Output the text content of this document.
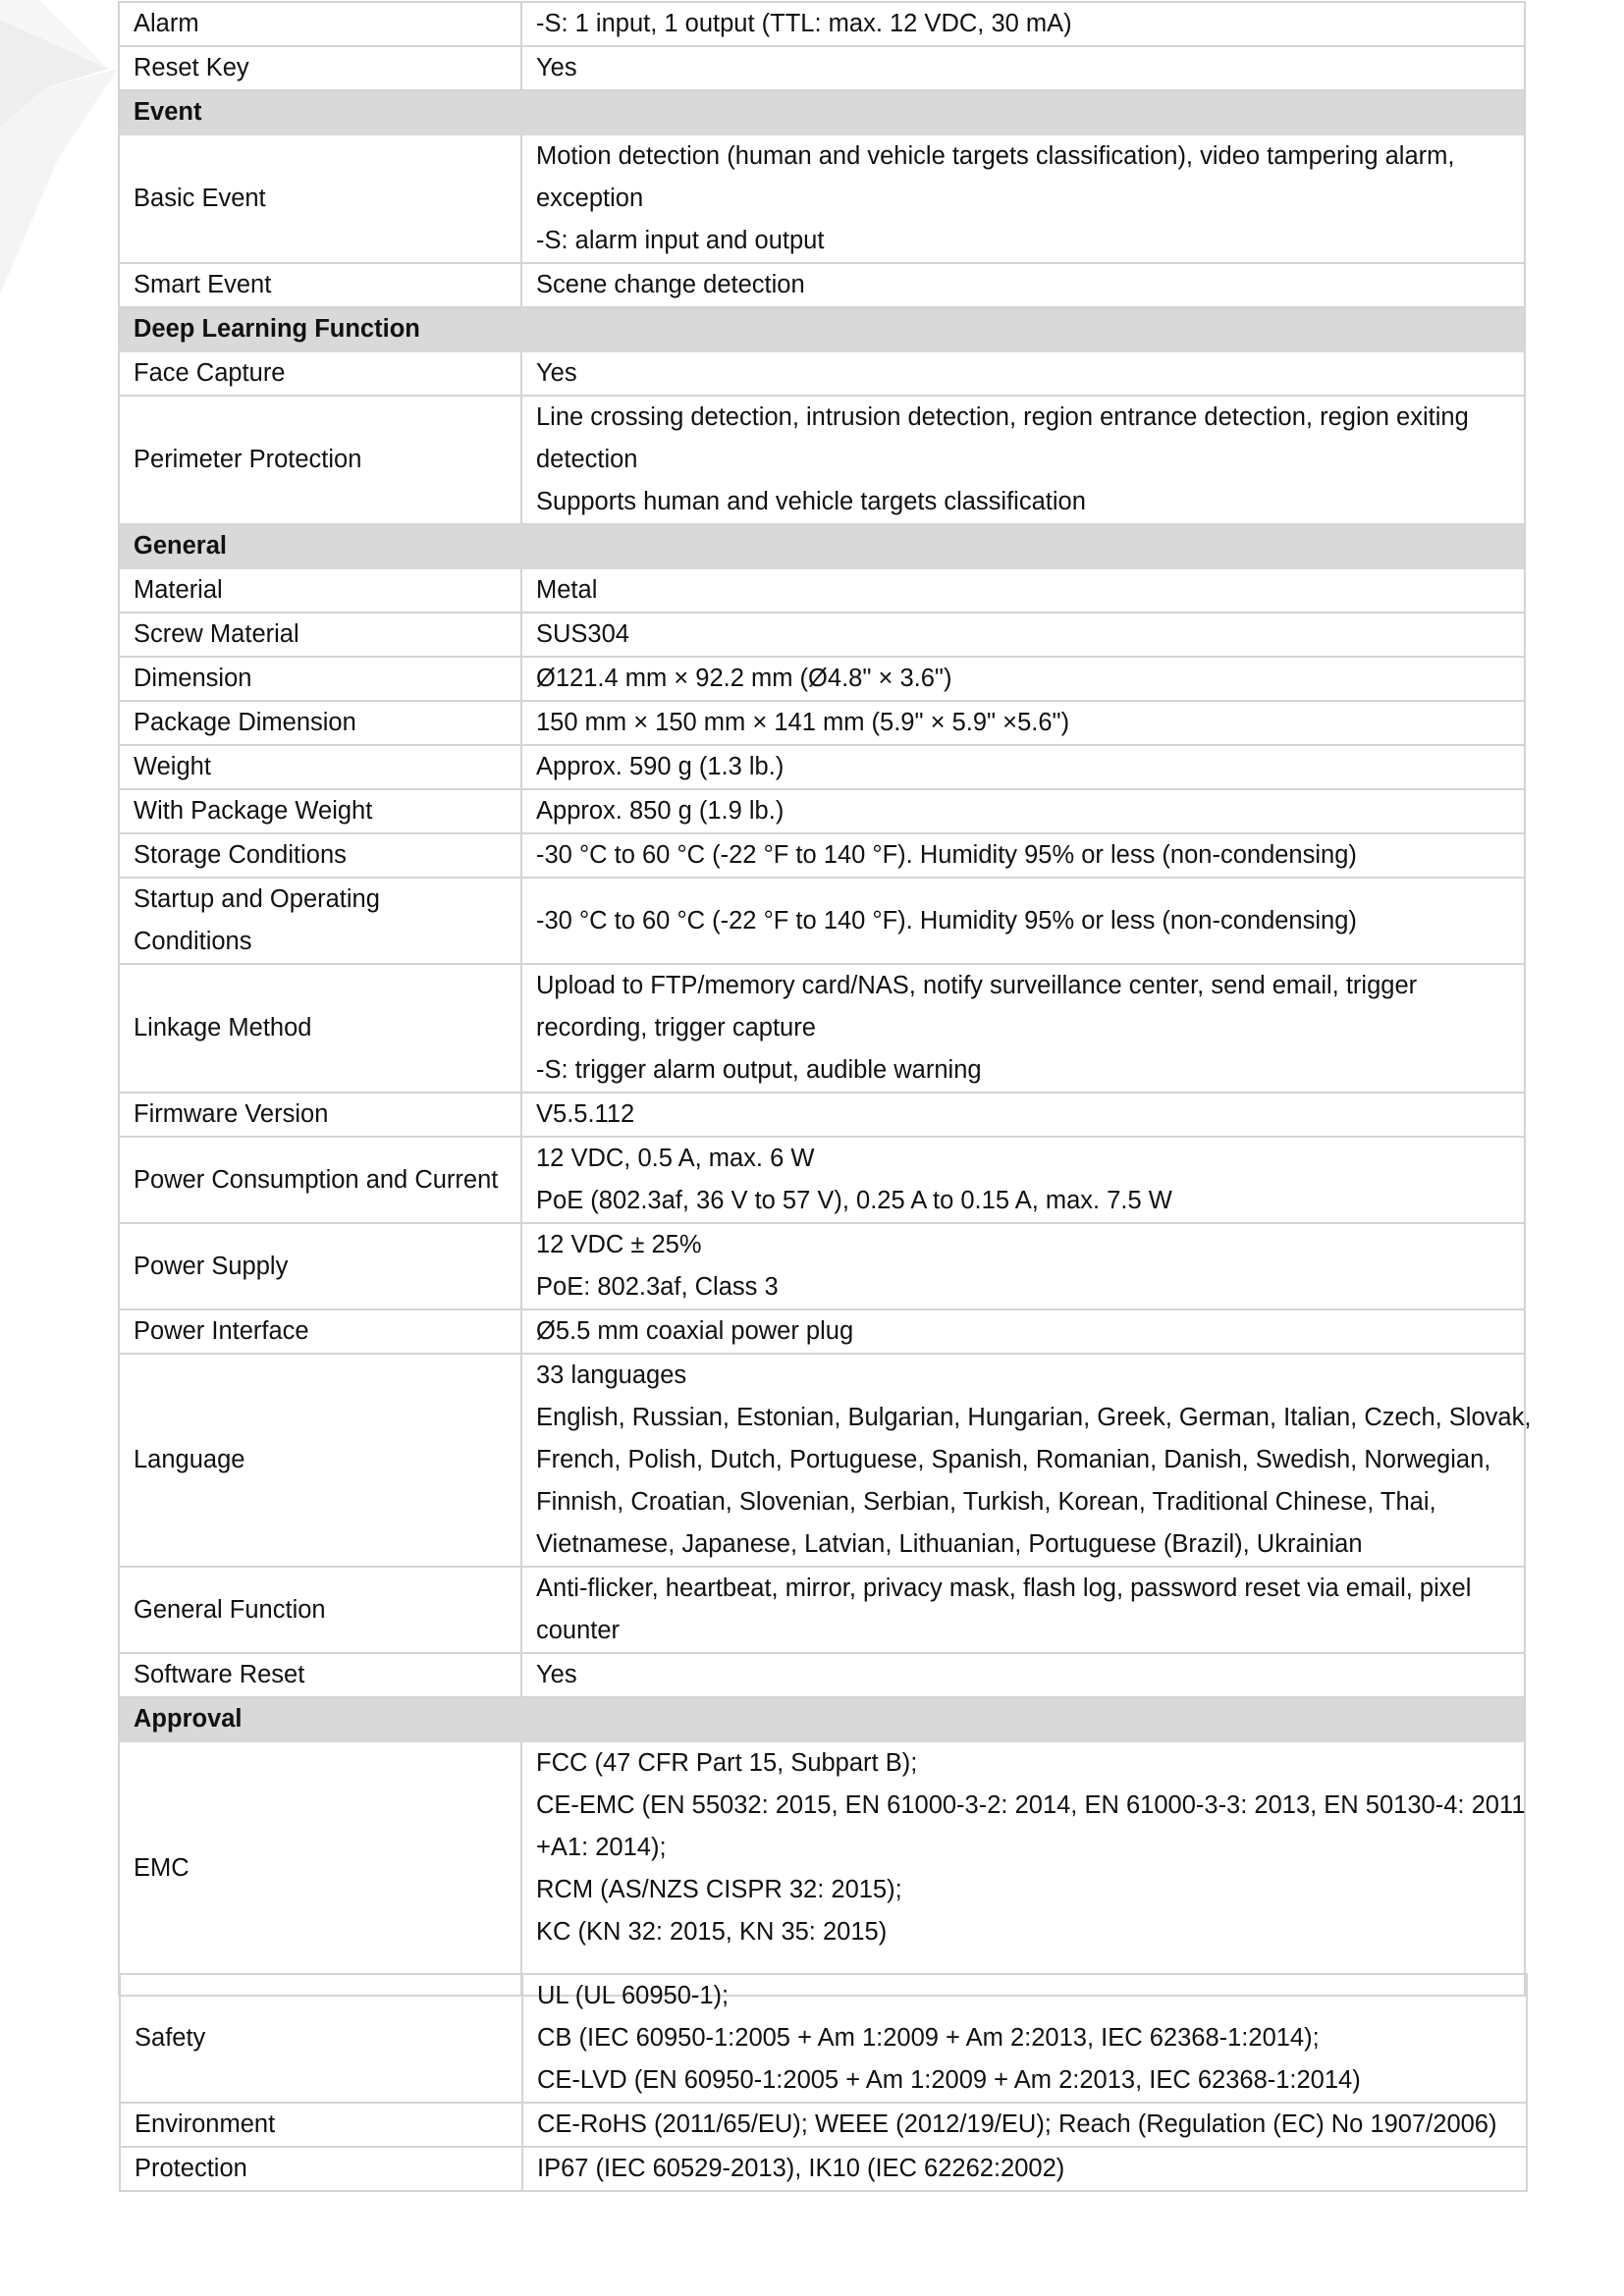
Alarm	-S: 1 input, 1 output (TTL: max. 12 VDC, 30 mA)

Reset Key	Yes

Event	
Basic Event	Motion detection (human and vehicle targets classification), video tampering alarm,
exception
-S: alarm input and output

Smart Event	Scene change detection

Deep Learning Function	
Face Capture	Yes

Perimeter Protection	Line crossing detection, intrusion detection, region entrance detection, region exiting
detection
Supports human and vehicle targets classification

General	
Material	Metal

Screw Material	SUS304

Dimension	Ø121.4 mm × 92.2 mm (Ø4.8" × 3.6")

Package Dimension	150 mm × 150 mm × 141 mm (5.9" × 5.9" ×5.6")

Weight	Approx. 590 g (1.3 lb.)

With Package Weight	Approx. 850 g (1.9 lb.)

Storage Conditions	-30 °C to 60 °C (-22 °F to 140 °F). Humidity 95% or less (non-condensing)

Startup and Operating
Conditions	-30 °C to 60 °C (-22 °F to 140 °F). Humidity 95% or less (non-condensing)

Linkage Method	Upload to FTP/memory card/NAS, notify surveillance center, send email, trigger
recording, trigger capture
-S: trigger alarm output, audible warning

Firmware Version	V5.5.112

Power Consumption and Current	12 VDC, 0.5 A, max. 6 W
PoE (802.3af, 36 V to 57 V), 0.25 A to 0.15 A, max. 7.5 W

Power Supply	12 VDC ± 25%
PoE: 802.3af, Class 3

Power Interface	Ø5.5 mm coaxial power plug

Language	33 languages
English, Russian, Estonian, Bulgarian, Hungarian, Greek, German, Italian, Czech, Slovak,
French, Polish, Dutch, Portuguese, Spanish, Romanian, Danish, Swedish, Norwegian,
Finnish, Croatian, Slovenian, Serbian, Turkish, Korean, Traditional Chinese, Thai,
Vietnamese, Japanese, Latvian, Lithuanian, Portuguese (Brazil), Ukrainian

General Function	Anti-flicker, heartbeat, mirror, privacy mask, flash log, password reset via email, pixel
counter

Software Reset	Yes

Approval	
EMC	FCC (47 CFR Part 15, Subpart B);
CE-EMC (EN 55032: 2015, EN 61000-3-2: 2014, EN 61000-3-3: 2013, EN 50130-4: 2011
+A1: 2014);
RCM (AS/NZS CISPR 32: 2015);
KC (KN 32: 2015, KN 35: 2015)
Safety	UL (UL 60950-1);
CB (IEC 60950-1:2005 + Am 1:2009 + Am 2:2013, IEC 62368-1:2014);
CE-LVD (EN 60950-1:2005 + Am 1:2009 + Am 2:2013, IEC 62368-1:2014)

Environment	CE-RoHS (2011/65/EU); WEEE (2012/19/EU); Reach (Regulation (EC) No 1907/2006)

Protection	IP67 (IEC 60529-2013), IK10 (IEC 62262:2002)
